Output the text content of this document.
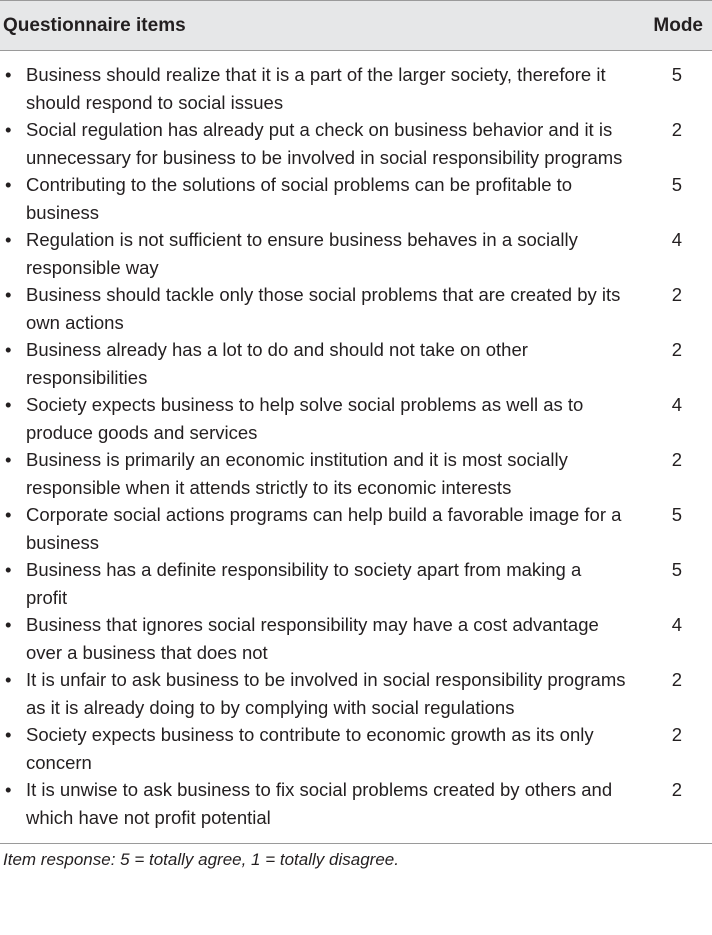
Questionnaire items	Mode
• Business should realize that it is a part of the larger society, therefore it should respond to social issues
5
• Social regulation has already put a check on business behavior and it is unnecessary for business to be involved in social responsibility programs
2
• Contributing to the solutions of social problems can be profitable to business
5
• Regulation is not sufficient to ensure business behaves in a socially responsible way
4
• Business should tackle only those social problems that are created by its own actions
2
• Business already has a lot to do and should not take on other responsibilities
2
• Society expects business to help solve social problems as well as to produce goods and services
4
• Business is primarily an economic institution and it is most socially responsible when it attends strictly to its economic interests
2
• Corporate social actions programs can help build a favorable image for a business
5
• Business has a definite responsibility to society apart from making a profit
5
• Business that ignores social responsibility may have a cost advantage over a business that does not
4
• It is unfair to ask business to be involved in social responsibility programs as it is already doing to by complying with social regulations
2
• Society expects business to contribute to economic growth as its only concern
2
• It is unwise to ask business to fix social problems created by others and which have not profit potential
2
Item response: 5 = totally agree, 1 = totally disagree.
